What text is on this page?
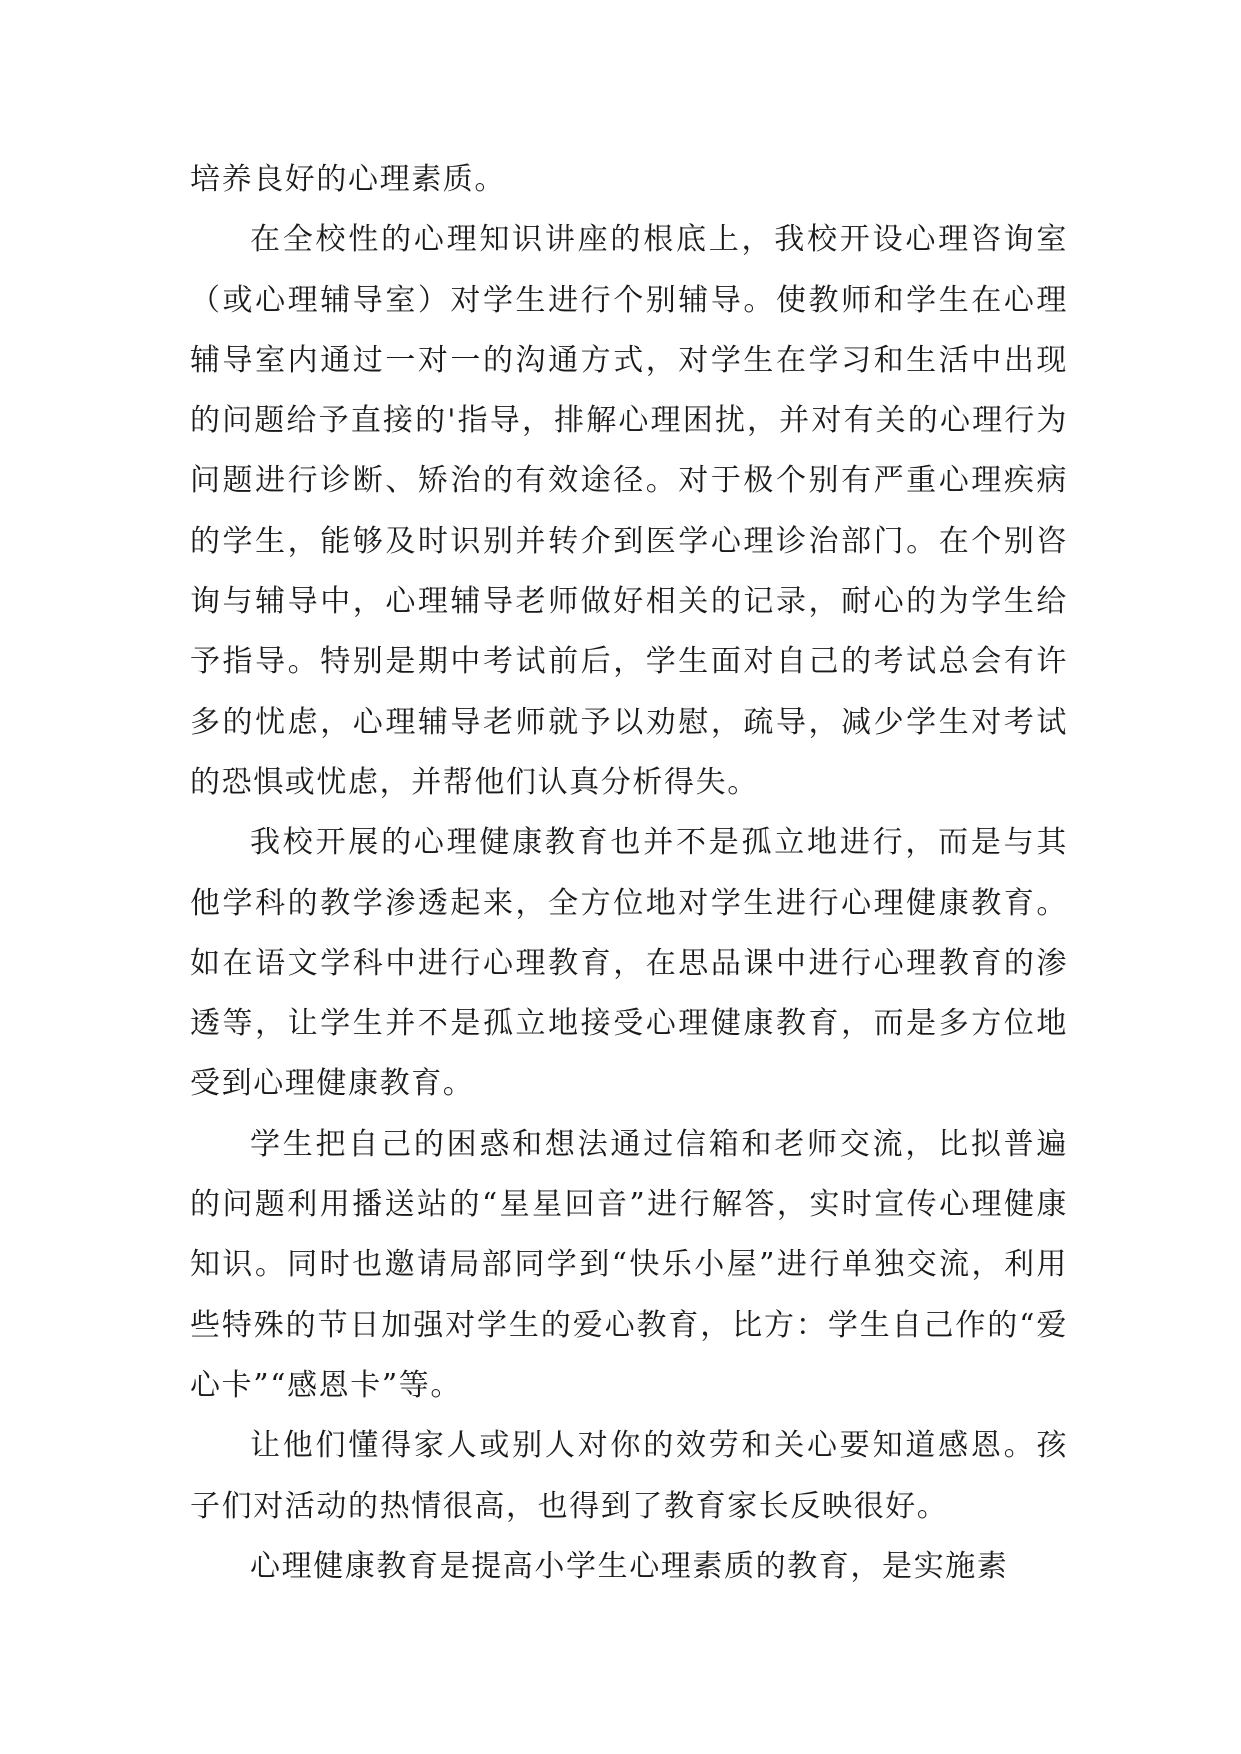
培养良好的心理素质。

在全校性的心理知识讲座的根底上，我校开设心理咨询室（或心理辅导室）对学生进行个别辅导。使教师和学生在心理辅导室内通过一对一的沟通方式，对学生在学习和生活中出现的问题给予直接的'指导，排解心理困扰，并对有关的心理行为问题进行诊断、矫治的有效途径。对于极个别有严重心理疾病的学生，能够及时识别并转介到医学心理诊治部门。在个别咨询与辅导中，心理辅导老师做好相关的记录，耐心的为学生给予指导。特别是期中考试前后，学生面对自己的考试总会有许多的忧虑，心理辅导老师就予以劝慰，疏导，减少学生对考试的恐惧或忧虑，并帮他们认真分析得失。

我校开展的心理健康教育也并不是孤立地进行，而是与其他学科的教学渗透起来，全方位地对学生进行心理健康教育。如在语文学科中进行心理教育，在思品课中进行心理教育的渗透等，让学生并不是孤立地接受心理健康教育，而是多方位地受到心理健康教育。

学生把自己的困惑和想法通过信箱和老师交流，比拟普遍的问题利用播送站的“星星回音”进行解答，实时宣传心理健康知识。同时也邀请局部同学到“快乐小屋”进行单独交流，利用些特殊的节日加强对学生的爱心教育，比方：学生自己作的“爱心卡”“感恩卡”等。

让他们懂得家人或别人对你的效劳和关心要知道感恩。孩子们对活动的热情很高，也得到了教育家长反映很好。

心理健康教育是提高小学生心理素质的教育，是实施素
